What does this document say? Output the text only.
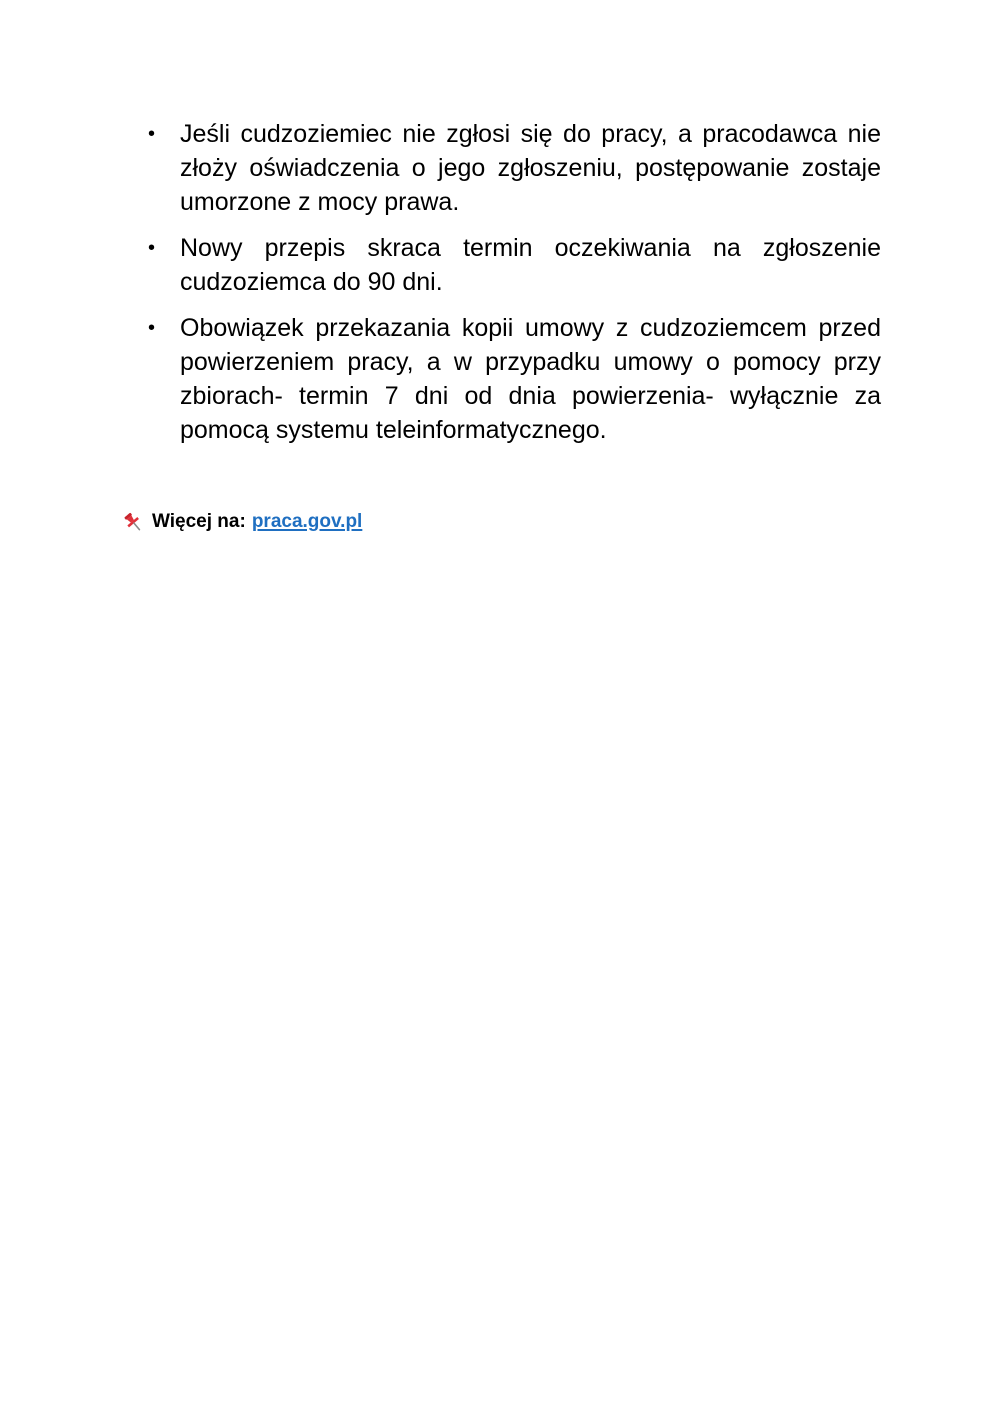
• Jeśli cudzoziemiec nie zgłosi się do pracy, a pracodawca nie złoży oświadczenia o jego zgłoszeniu, postępowanie zostaje umorzone z mocy prawa.
• Nowy przepis skraca termin oczekiwania na zgłoszenie cudzoziemca do 90 dni.
• Obowiązek przekazania kopii umowy z cudzoziemcem przed powierzeniem pracy, a w przypadku umowy o pomocy przy zbiorach- termin 7 dni od dnia powierzenia- wyłącznie za pomocą systemu teleinformatycznego.
Więcej na: praca.gov.pl
